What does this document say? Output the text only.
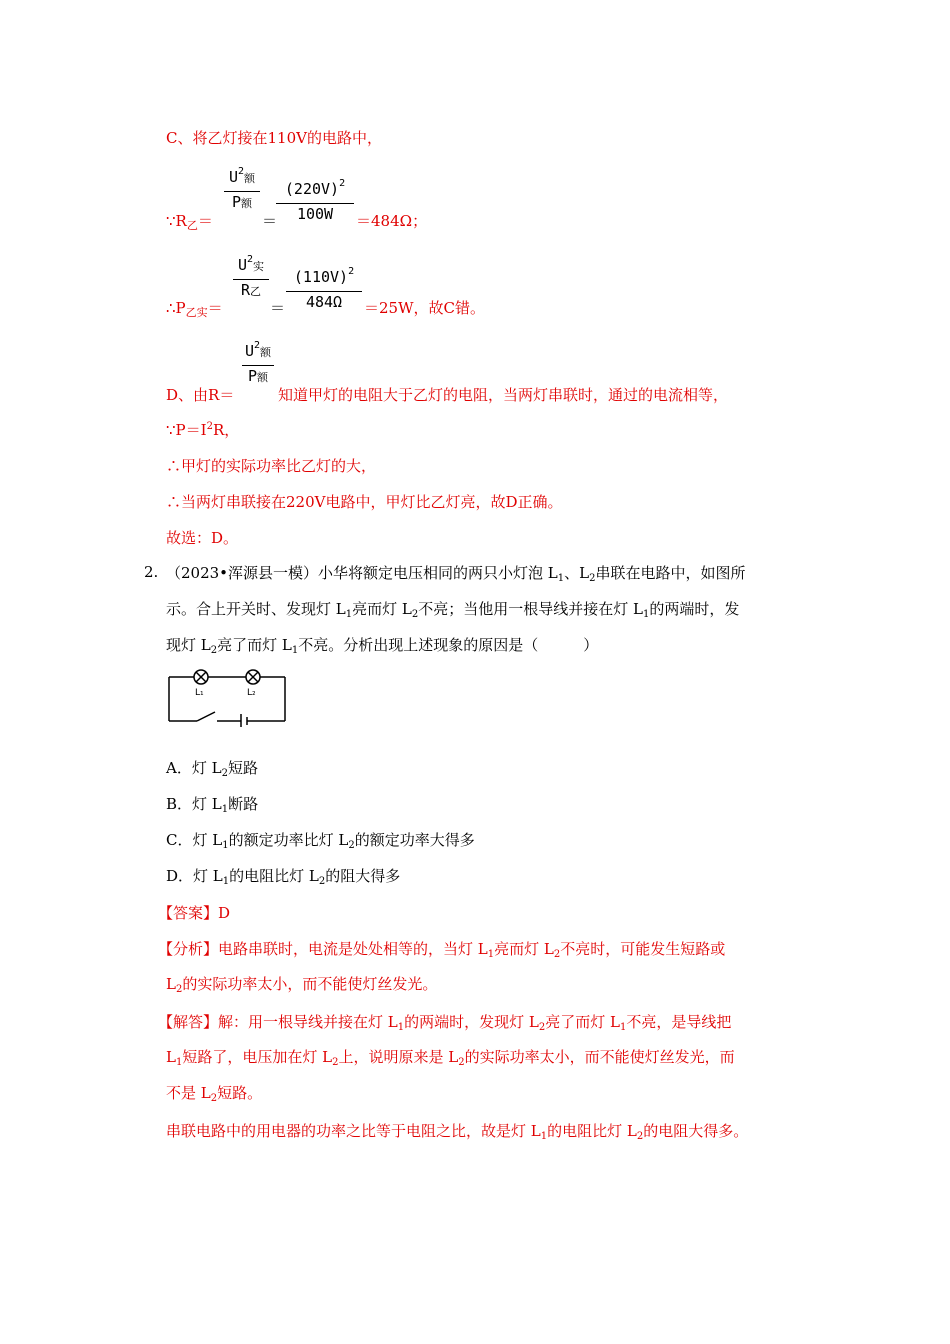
C、将乙灯接在110V的电路中，
$\because R_乙=$
$U^2$额
P额
＝
$(220V)^2$
100W	＝484Ω；
$\therefore P_{乙实}=$
$U^2$实
R乙
＝
$(110V)^2$
484Ω	＝25W，故C错。
D、由R＝
$U^2$额
P额
知道甲灯的电阻大于乙灯的电阻，当两灯串联时，通过的电流相等，
$\because P=I^2R$，
∴甲灯的实际功率比乙灯的大，
∴当两灯串联接在220V电路中，甲灯比乙灯亮，故D正确。
故选：D。
2. （2023•浑源县一模）小华将额定电压相同的两只小灯泡 $L_1$、$L_2$串联在电路中，如图所
示。合上开关时、发现灯 $L_1$亮而灯 $L_2$不亮；当他用一根导线并接在灯 $L_1$的两端时，发
现灯 $L_2$亮了而灯 $L_1$不亮。分析出现上述现象的原因是（　　　）
L₁	L₂
A．灯 $L_2$短路
B．灯 $L_1$断路
C．灯 $L_1$的额定功率比灯 $L_2$的额定功率大得多
D．灯 $L_1$的电阻比灯 $L_2$的阻大得多
【答案】D
【分析】电路串联时，电流是处处相等的，当灯 $L_1$亮而灯 $L_2$不亮时，可能发生短路或
$L_2$的实际功率太小，而不能使灯丝发光。
【解答】解：用一根导线并接在灯 $L_1$的两端时，发现灯 $L_2$亮了而灯 $L_1$不亮，是导线把
$L_1$短路了，电压加在灯 $L_2$上，说明原来是 $L_2$的实际功率太小，而不能使灯丝发光，而
不是 $L_2$短路。
串联电路中的用电器的功率之比等于电阻之比，故是灯 $L_1$的电阻比灯 $L_2$的电阻大得多。
